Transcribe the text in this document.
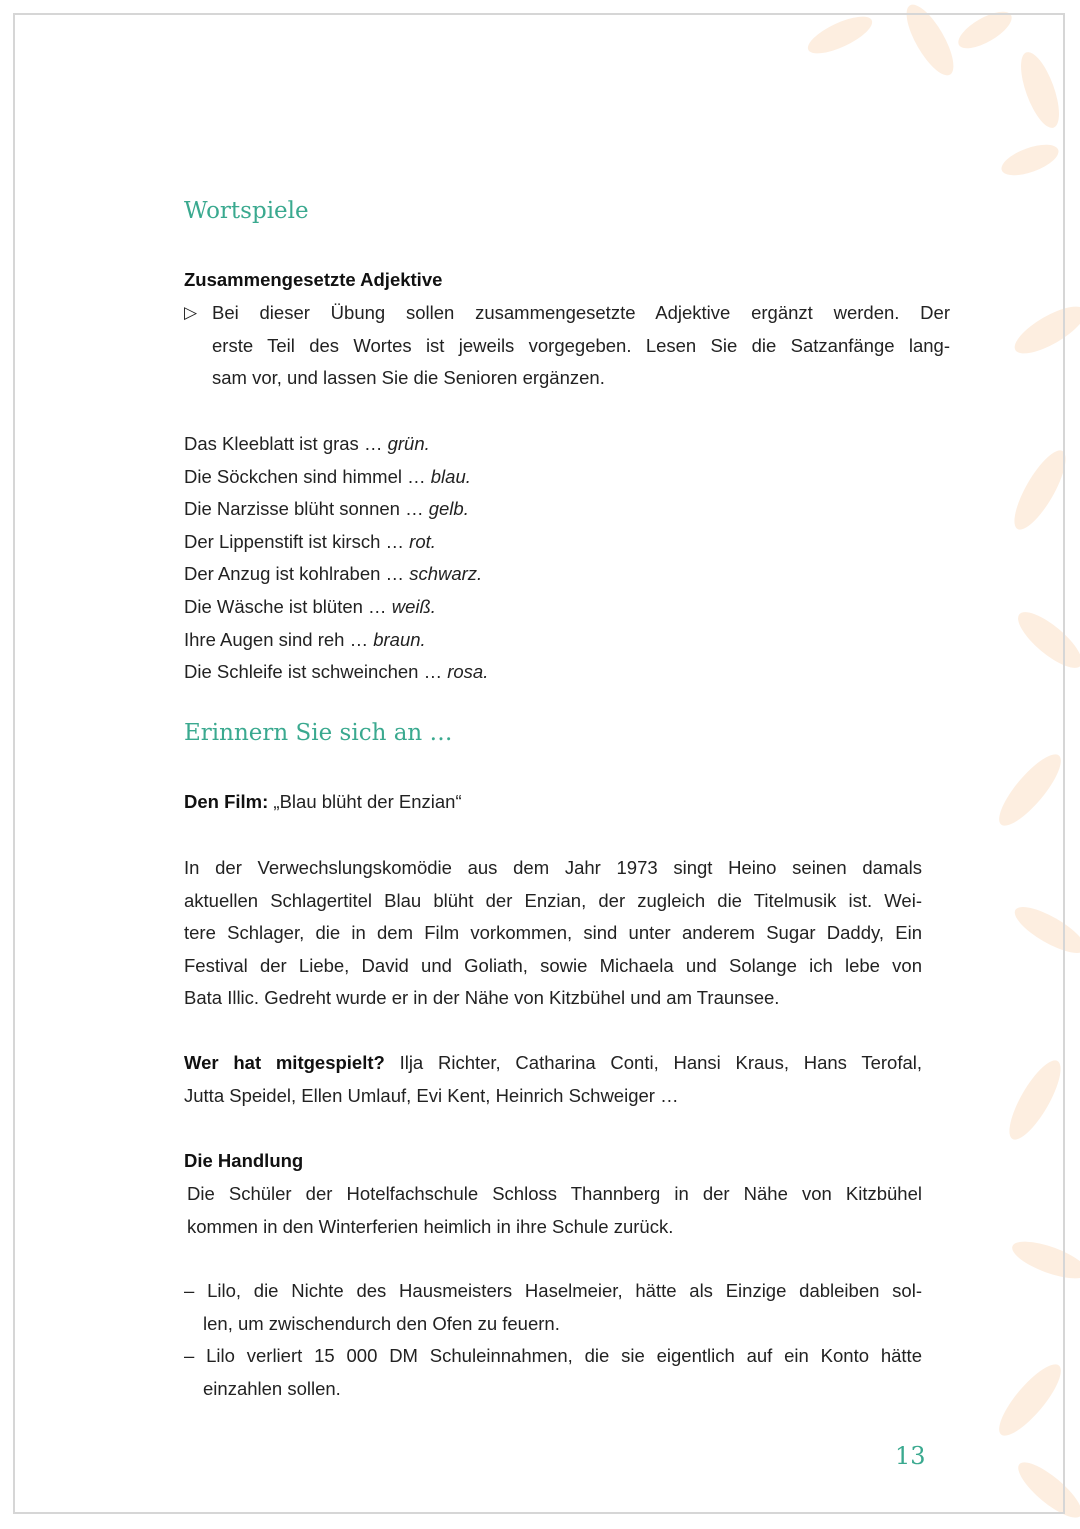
Wortspiele
Zusammengesetzte Adjektive
▷ Bei dieser Übung sollen zusammengesetzte Adjektive ergänzt werden. Der
erste Teil des Wortes ist jeweils vorgegeben. Lesen Sie die Satzanfänge lang-
sam vor, und lassen Sie die Senioren ergänzen.
Das Kleeblatt ist gras … grün.
Die Söckchen sind himmel … blau.
Die Narzisse blüht sonnen … gelb.
Der Lippenstift ist kirsch … rot.
Der Anzug ist kohlraben … schwarz.
Die Wäsche ist blüten … weiß.
Ihre Augen sind reh … braun.
Die Schleife ist schweinchen … rosa.
Erinnern Sie sich an …
Den Film: „Blau blüht der Enzian“
In der Verwechslungskomödie aus dem Jahr 1973 singt Heino seinen damals
aktuellen Schlagertitel Blau blüht der Enzian, der zugleich die Titelmusik ist. Wei-
tere Schlager, die in dem Film vorkommen, sind unter anderem Sugar Daddy, Ein
Festival der Liebe, David und Goliath, sowie Michaela und Solange ich lebe von
Bata Illic. Gedreht wurde er in der Nähe von Kitzbühel und am Traunsee.
Wer hat mitgespielt? Ilja Richter, Catharina Conti, Hansi Kraus, Hans Terofal,
Jutta Speidel, Ellen Umlauf, Evi Kent, Heinrich Schweiger …
Die Handlung
Die Schüler der Hotelfachschule Schloss Thannberg in der Nähe von Kitzbühel
kommen in den Winterferien heimlich in ihre Schule zurück.
– Lilo, die Nichte des Hausmeisters Haselmeier, hätte als Einzige dableiben sol-
len, um zwischendurch den Ofen zu feuern.
– Lilo verliert 15 000 DM Schuleinnahmen, die sie eigentlich auf ein Konto hätte
einzahlen sollen.
13
